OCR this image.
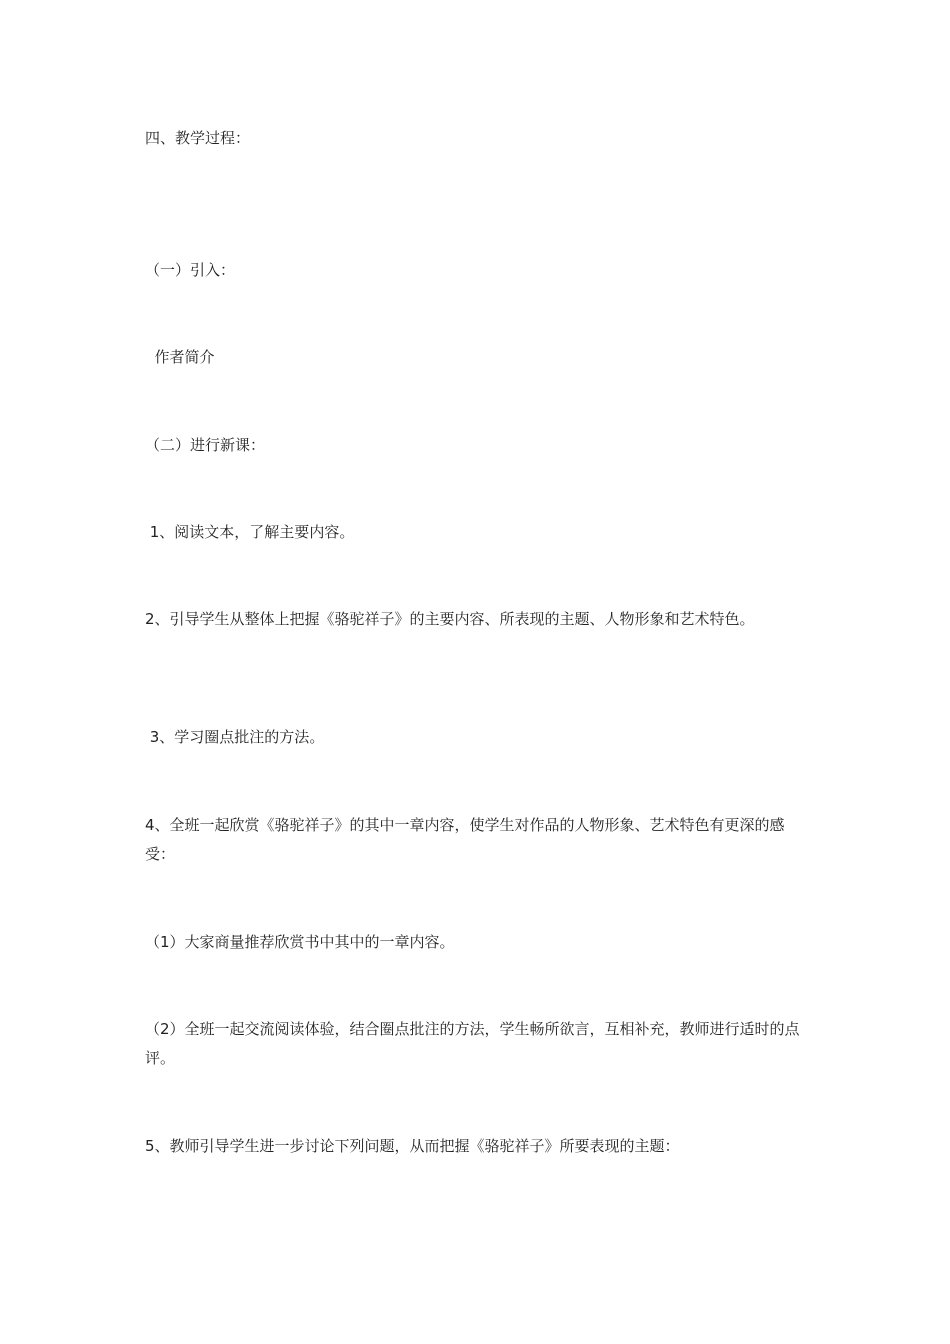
四、教学过程：

（一）引入：

作者简介

（二）进行新课：

1、阅读文本，了解主要内容。

2、引导学生从整体上把握《骆驼祥子》的主要内容、所表现的主题、人物形象和艺术特色。

3、学习圈点批注的方法。

4、全班一起欣赏《骆驼祥子》的其中一章内容，使学生对作品的人物形象、艺术特色有更深的感受：

（1）大家商量推荐欣赏书中其中的一章内容。

（2）全班一起交流阅读体验，结合圈点批注的方法，学生畅所欲言，互相补充，教师进行适时的点评。

5、教师引导学生进一步讨论下列问题，从而把握《骆驼祥子》所要表现的主题：
